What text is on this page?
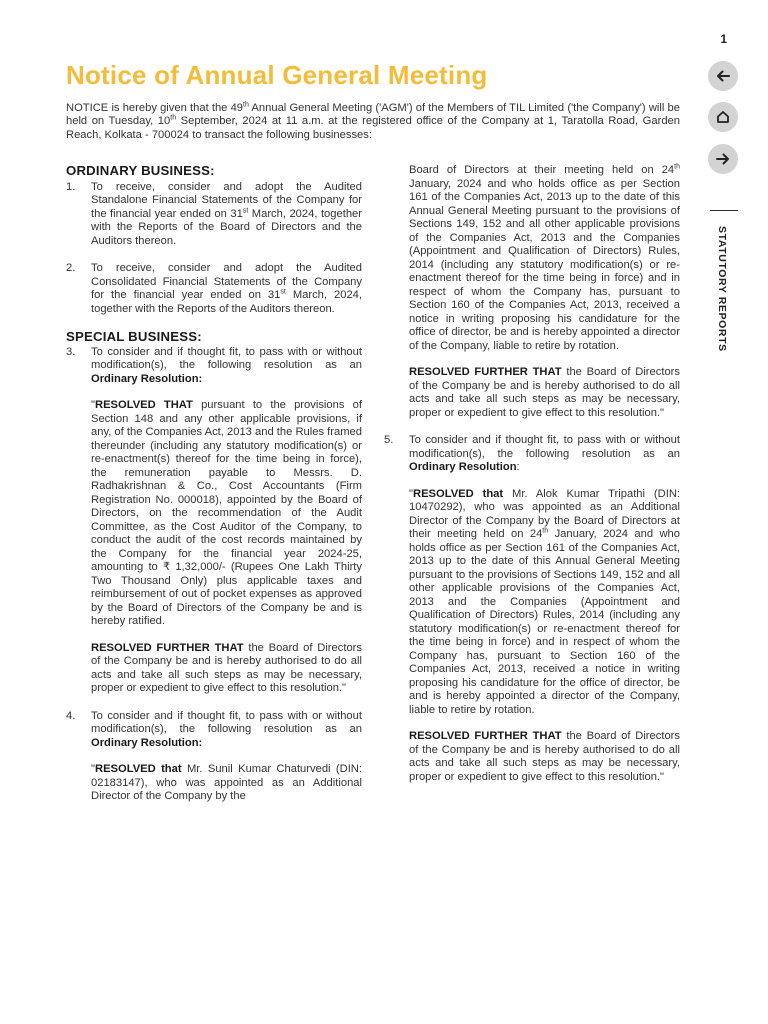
1
Notice of Annual General Meeting

NOTICE is hereby given that the 49th Annual General Meeting ('AGM') of the Members of TIL Limited ('the Company') will be held on Tuesday, 10th September, 2024 at 11 a.m. at the registered office of the Company at 1, Taratolla Road, Garden Reach, Kolkata - 700024 to transact the following businesses:

STATUTORY REPORTS
ORDINARY BUSINESS:
1. To receive, consider and adopt the Audited Standalone Financial Statements of the Company for the financial year ended on 31st March, 2024, together with the Reports of the Board of Directors and the Auditors thereon.

2. To receive, consider and adopt the Audited Consolidated Financial Statements of the Company for the financial year ended on 31st March, 2024, together with the Reports of the Auditors thereon.

SPECIAL BUSINESS:
3. To consider and if thought fit, to pass with or without modification(s), the following resolution as an Ordinary Resolution:

"RESOLVED THAT pursuant to the provisions of Section 148 and any other applicable provisions, if any, of the Companies Act, 2013 and the Rules framed thereunder (including any statutory modification(s) or re-enactment(s) thereof for the time being in force), the remuneration payable to Messrs. D. Radhakrishnan & Co., Cost Accountants (Firm Registration No. 000018), appointed by the Board of Directors, on the recommendation of the Audit Committee, as the Cost Auditor of the Company, to conduct the audit of the cost records maintained by the Company for the financial year 2024-25, amounting to ₹ 1,32,000/- (Rupees One Lakh Thirty Two Thousand Only) plus applicable taxes and reimbursement of out of pocket expenses as approved by the Board of Directors of the Company be and is hereby ratified.

RESOLVED FURTHER THAT the Board of Directors of the Company be and is hereby authorised to do all acts and take all such steps as may be necessary, proper or expedient to give effect to this resolution."

4. To consider and if thought fit, to pass with or without modification(s), the following resolution as an Ordinary Resolution:

"RESOLVED that Mr. Sunil Kumar Chaturvedi (DIN: 02183147), who was appointed as an Additional Director of the Company by the

Board of Directors at their meeting held on 24th January, 2024 and who holds office as per Section 161 of the Companies Act, 2013 up to the date of this Annual General Meeting pursuant to the provisions of Sections 149, 152 and all other applicable provisions of the Companies Act, 2013 and the Companies (Appointment and Qualification of Directors) Rules, 2014 (including any statutory modification(s) or re-enactment thereof for the time being in force) and in respect of whom the Company has, pursuant to Section 160 of the Companies Act, 2013, received a notice in writing proposing his candidature for the office of director, be and is hereby appointed a director of the Company, liable to retire by rotation.

RESOLVED FURTHER THAT the Board of Directors of the Company be and is hereby authorised to do all acts and take all such steps as may be necessary, proper or expedient to give effect to this resolution."

5. To consider and if thought fit, to pass with or without modification(s), the following resolution as an Ordinary Resolution:

"RESOLVED that Mr. Alok Kumar Tripathi (DIN: 10470292), who was appointed as an Additional Director of the Company by the Board of Directors at their meeting held on 24th January, 2024 and who holds office as per Section 161 of the Companies Act, 2013 up to the date of this Annual General Meeting pursuant to the provisions of Sections 149, 152 and all other applicable provisions of the Companies Act, 2013 and the Companies (Appointment and Qualification of Directors) Rules, 2014 (including any statutory modification(s) or re-enactment thereof for the time being in force) and in respect of whom the Company has, pursuant to Section 160 of the Companies Act, 2013, received a notice in writing proposing his candidature for the office of director, be and is hereby appointed a director of the Company, liable to retire by rotation.

RESOLVED FURTHER THAT the Board of Directors of the Company be and is hereby authorised to do all acts and take all such steps as may be necessary, proper or expedient to give effect to this resolution."
